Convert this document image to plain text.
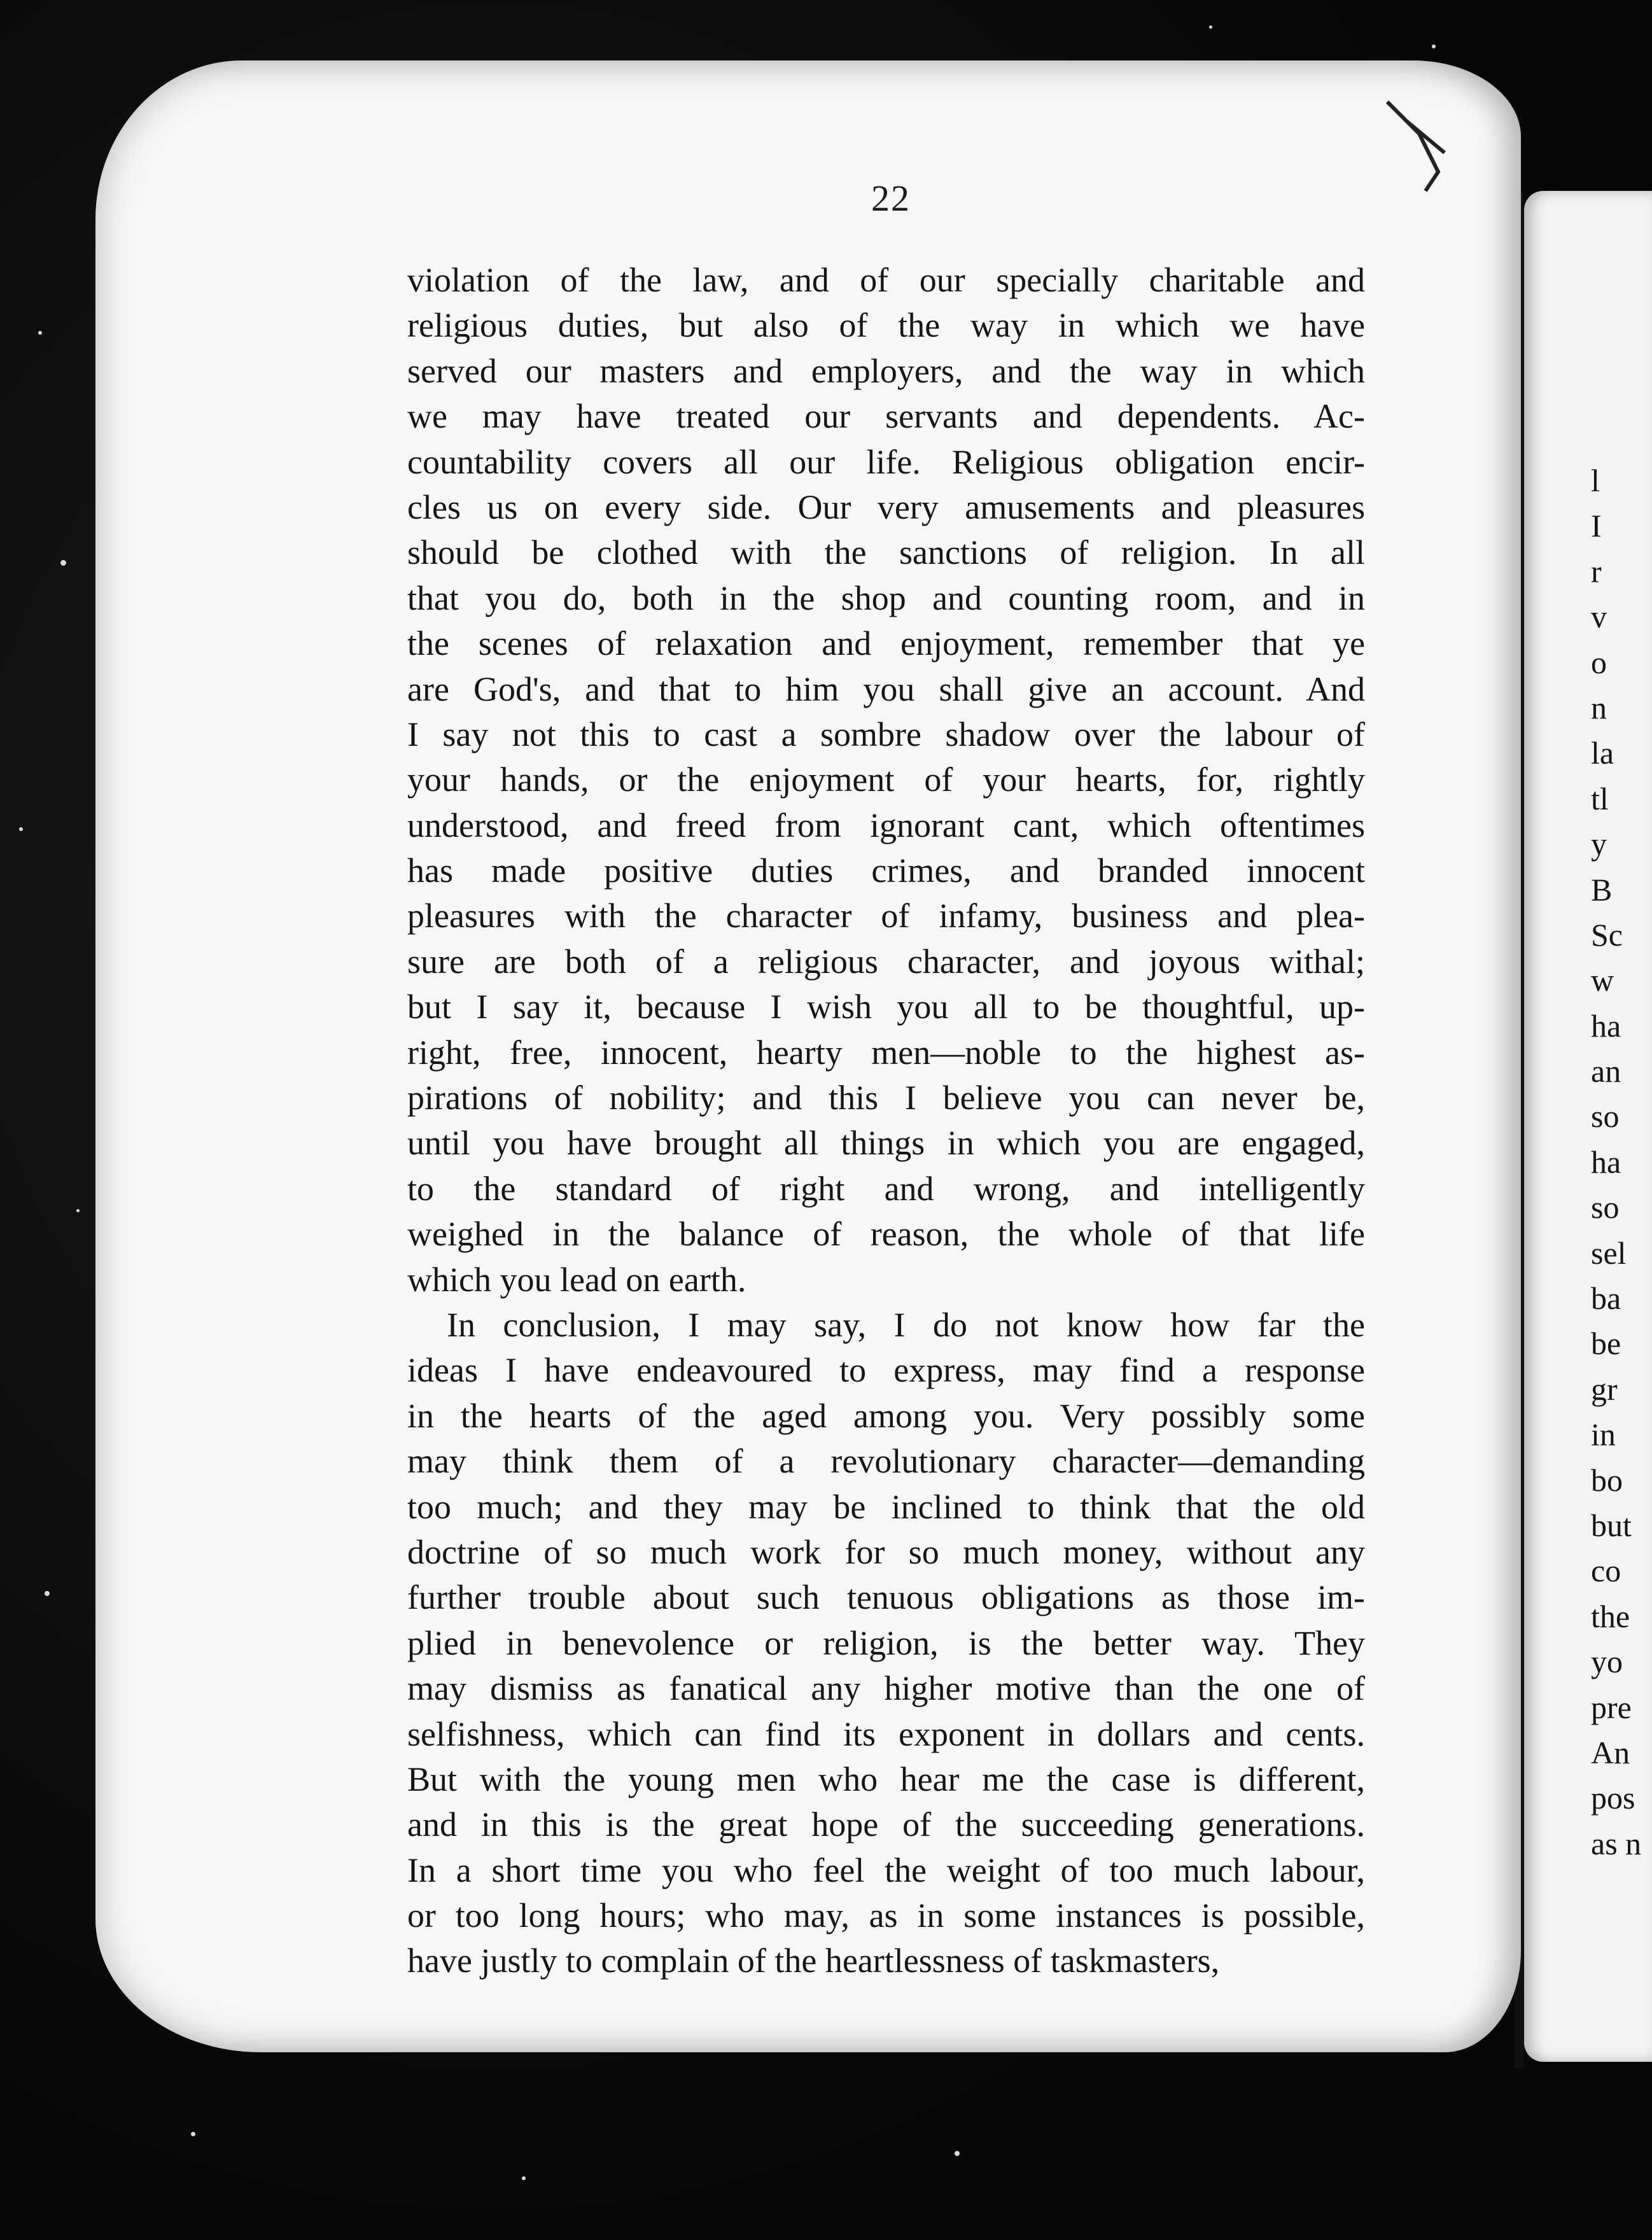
l
I
r
v
o
n
la
tl
y
B
Sc
w
ha
an
so
ha
so
sel
ba
be
gr
in
bo
but
co
the
yo
pre
An
pos
as n
22
violation of the law, and of our specially charitable and
religious duties, but also of the way in which we have
served our masters and employers, and the way in which
we may have treated our servants and dependents. Ac-
countability covers all our life. Religious obligation encir-
cles us on every side. Our very amusements and pleasures
should be clothed with the sanctions of religion. In all
that you do, both in the shop and counting room, and in
the scenes of relaxation and enjoyment, remember that ye
are God's, and that to him you shall give an account. And
I say not this to cast a sombre shadow over the labour of
your hands, or the enjoyment of your hearts, for, rightly
understood, and freed from ignorant cant, which oftentimes
has made positive duties crimes, and branded innocent
pleasures with the character of infamy, business and plea-
sure are both of a religious character, and joyous withal;
but I say it, because I wish you all to be thoughtful, up-
right, free, innocent, hearty men—noble to the highest as-
pirations of nobility; and this I believe you can never be,
until you have brought all things in which you are engaged,
to the standard of right and wrong, and intelligently
weighed in the balance of reason, the whole of that life
which you lead on earth.
In conclusion, I may say, I do not know how far the
ideas I have endeavoured to express, may find a response
in the hearts of the aged among you. Very possibly some
may think them of a revolutionary character—demanding
too much; and they may be inclined to think that the old
doctrine of so much work for so much money, without any
further trouble about such tenuous obligations as those im-
plied in benevolence or religion, is the better way. They
may dismiss as fanatical any higher motive than the one of
selfishness, which can find its exponent in dollars and cents.
But with the young men who hear me the case is different,
and in this is the great hope of the succeeding generations.
In a short time you who feel the weight of too much labour,
or too long hours; who may, as in some instances is possible,
have justly to complain of the heartlessness of taskmasters,
